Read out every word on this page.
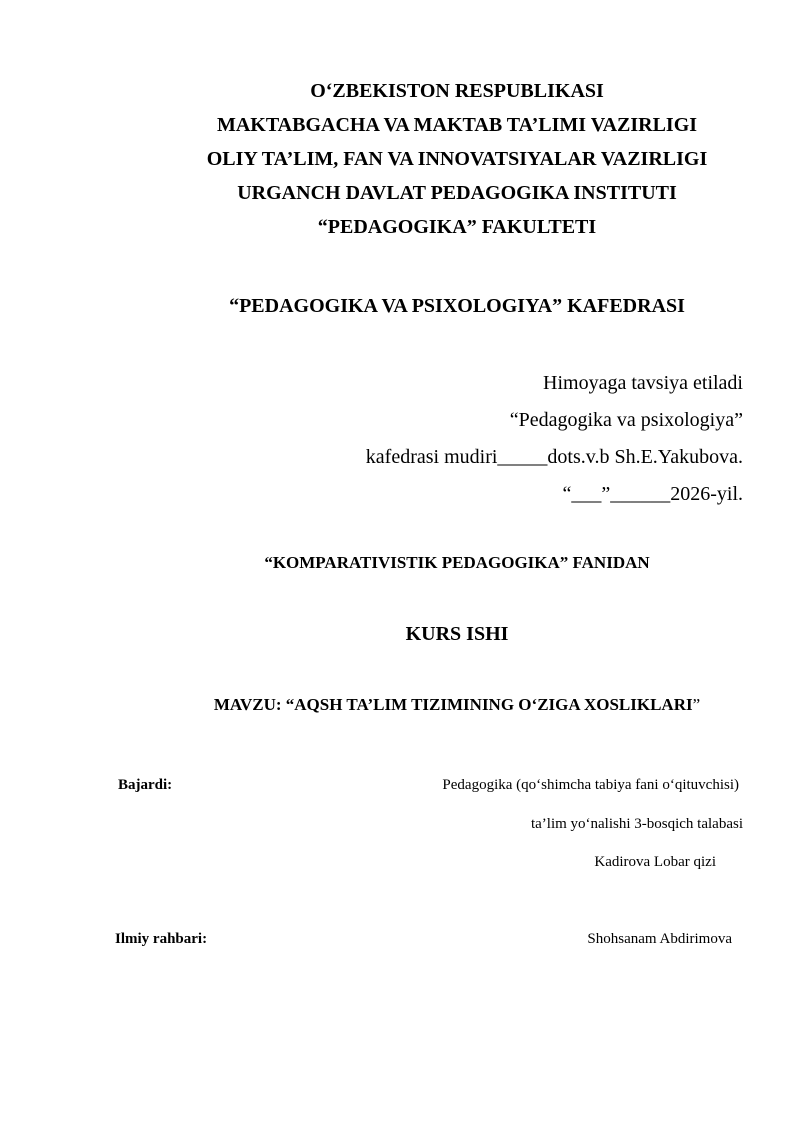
O‘ZBEKISTON RESPUBLIKASI
MAKTABGACHA VA MAKTAB TA’LIMI VAZIRLIGI
OLIY TA’LIM, FAN VA INNOVATSIYALAR VAZIRLIGI
URGANCH DAVLAT PEDAGOGIKA INSTITUTI
“PEDAGOGIKA” FAKULTETI
“PEDAGOGIKA VA PSIXOLOGIYA” KAFEDRASI
Himoyaga tavsiya etiladi
“Pedagogika va psixologiya”
kafedrasi mudiri_____dots.v.b Sh.E.Yakubova.
“___”______2026-yil.
“KOMPARATIVISTIK PEDAGOGIKA” FANIDAN
KURS ISHI
MAVZU: “AQSH TA’LIM TIZIMINING O‘ZIGA XOSLIKLARI”
Bajardi:	Pedagogika (qo‘shimcha tabiya fani o‘qituvchisi)
ta’lim yo‘nalishi 3-bosqich talabasi
Kadirova Lobar qizi
Ilmiy rahbari:	Shohsanam Abdirimova
